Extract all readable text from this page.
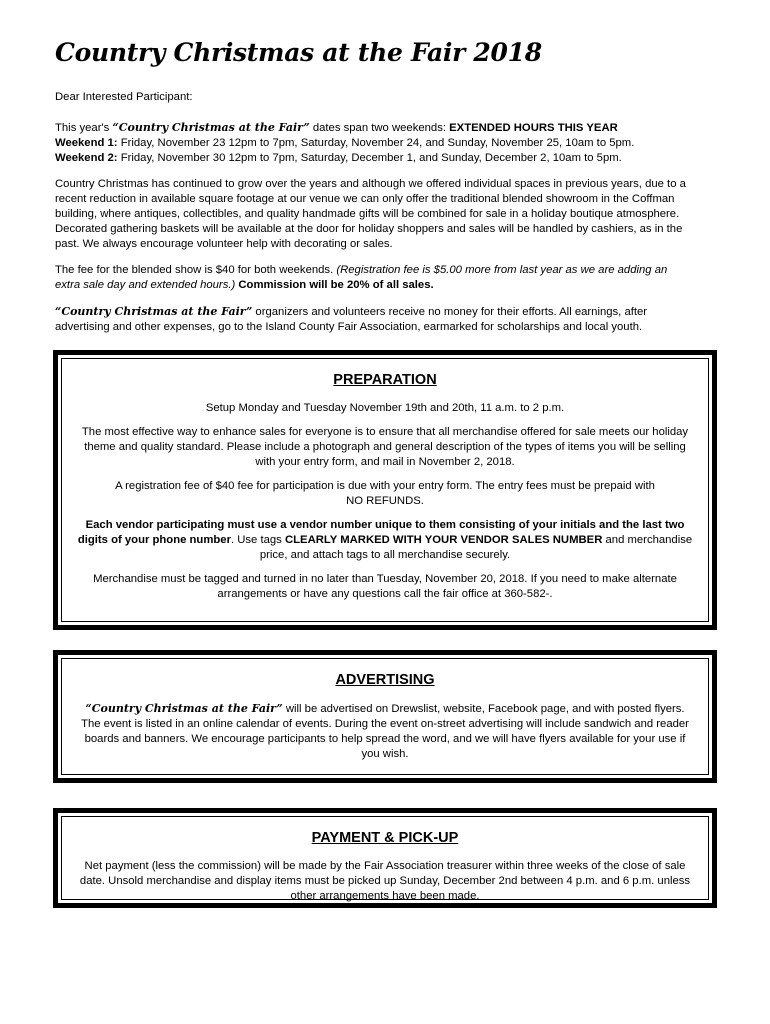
Country Christmas at the Fair 2018

Dear Interested Participant:

This year's “Country Christmas at the Fair” dates span two weekends: EXTENDED HOURS THIS YEAR
Weekend 1: Friday, November 23 12pm to 7pm, Saturday, November 24, and Sunday, November 25, 10am to 5pm.
Weekend 2: Friday, November 30 12pm to 7pm, Saturday, December 1, and Sunday, December 2, 10am to 5pm.

Country Christmas has continued to grow over the years and although we offered individual spaces in previous years, due to a recent reduction in available square footage at our venue we can only offer the traditional blended showroom in the Coffman building, where antiques, collectibles, and quality handmade gifts will be combined for sale in a holiday boutique atmosphere. Decorated gathering baskets will be available at the door for holiday shoppers and sales will be handled by cashiers, as in the past. We always encourage volunteer help with decorating or sales.

The fee for the blended show is $40 for both weekends. (Registration fee is $5.00 more from last year as we are adding an extra sale day and extended hours.) Commission will be 20% of all sales.

“Country Christmas at the Fair” organizers and volunteers receive no money for their efforts. All earnings, after advertising and other expenses, go to the Island County Fair Association, earmarked for scholarships and local youth.

PREPARATION

Setup Monday and Tuesday November 19th and 20th, 11 a.m. to 2 p.m.

The most effective way to enhance sales for everyone is to ensure that all merchandise offered for sale meets our holiday theme and quality standard. Please include a photograph and general description of the types of items you will be selling with your entry form, and mail in November 2, 2018.

A registration fee of $40 fee for participation is due with your entry form. The entry fees must be prepaid with
NO REFUNDS.

Each vendor participating must use a vendor number unique to them consisting of your initials and the last two digits of your phone number. Use tags CLEARLY MARKED WITH YOUR VENDOR SALES NUMBER and merchandise price, and attach tags to all merchandise securely.

Merchandise must be tagged and turned in no later than Tuesday, November 20, 2018. If you need to make alternate arrangements or have any questions call the fair office at 360-582-.

ADVERTISING

“Country Christmas at the Fair” will be advertised on Drewslist, website, Facebook page, and with posted flyers. The event is listed in an online calendar of events. During the event on-street advertising will include sandwich and reader boards and banners. We encourage participants to help spread the word, and we will have flyers available for your use if you wish.

PAYMENT & PICK-UP

Net payment (less the commission) will be made by the Fair Association treasurer within three weeks of the close of sale date. Unsold merchandise and display items must be picked up Sunday, December 2nd between 4 p.m. and 6 p.m. unless other arrangements have been made.
